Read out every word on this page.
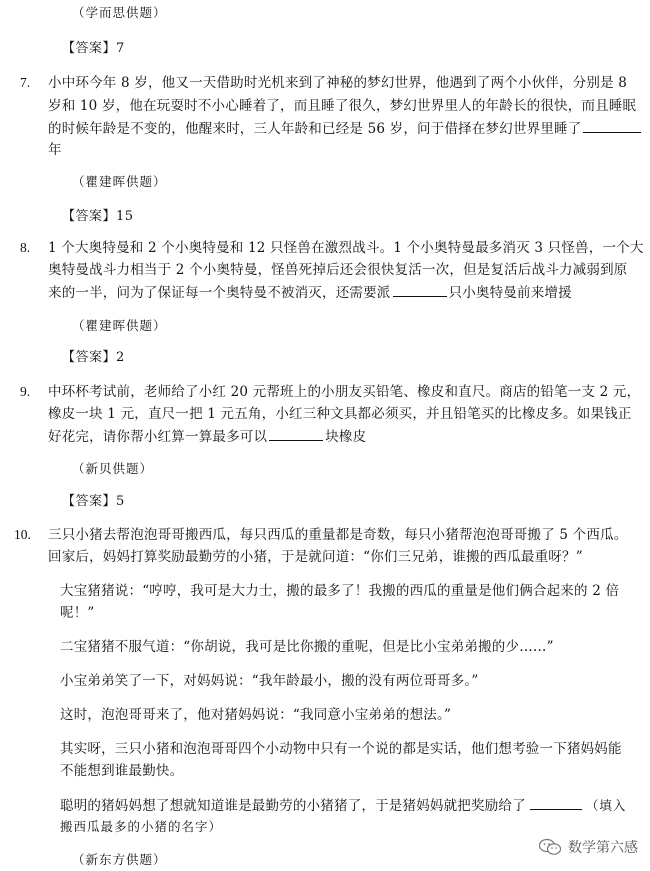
（学而思供题）
【答案】7
7. 小中环今年 8 岁，他又一天借助时光机来到了神秘的梦幻世界，他遇到了两个小伙伴，分别是 8
岁和 10 岁，他在玩耍时不小心睡着了，而且睡了很久，梦幻世界里人的年龄长的很快，而且睡眠
的时候年龄是不变的，他醒来时，三人年龄和已经是 56 岁，问于借择在梦幻世界里睡了
年
（瞿建晖供题）
【答案】15
8. 1 个大奥特曼和 2 个小奥特曼和 12 只怪兽在激烈战斗。1 个小奥特曼最多消灭 3 只怪兽，一个大
奥特曼战斗力相当于 2 个小奥特曼，怪兽死掉后还会很快复活一次，但是复活后战斗力减弱到原
来的一半，问为了保证每一个奥特曼不被消灭，还需要派	只小奥特曼前来增援
（瞿建晖供题）
【答案】2
9. 中环杯考试前，老师给了小红 20 元帮班上的小朋友买铅笔、橡皮和直尺。商店的铅笔一支 2 元，
橡皮一块 1 元，直尺一把 1 元五角，小红三种文具都必须买，并且铅笔买的比橡皮多。如果钱正
好花完，请你帮小红算一算最多可以	块橡皮
（新贝供题）
【答案】5
10. 三只小猪去帮泡泡哥哥搬西瓜，每只西瓜的重量都是奇数，每只小猪帮泡泡哥哥搬了 5 个西瓜。
回家后，妈妈打算奖励最勤劳的小猪，于是就问道：“你们三兄弟，谁搬的西瓜最重呀？”
大宝猪猪说：“哼哼，我可是大力士，搬的最多了！我搬的西瓜的重量是他们俩合起来的 2 倍
呢！”
二宝猪猪不服气道：“你胡说，我可是比你搬的重呢，但是比小宝弟弟搬的少……”
小宝弟弟笑了一下，对妈妈说：“我年龄最小，搬的没有两位哥哥多。”
这时，泡泡哥哥来了，他对猪妈妈说：“我同意小宝弟弟的想法。”
其实呀，三只小猪和泡泡哥哥四个小动物中只有一个说的都是实话，他们想考验一下猪妈妈能
不能想到谁最勤快。
聪明的猪妈妈想了想就知道谁是最勤劳的小猪猪了，于是猪妈妈就把奖励给了	（填入
搬西瓜最多的小猪的名字）
（新东方供题）
数学第六感
